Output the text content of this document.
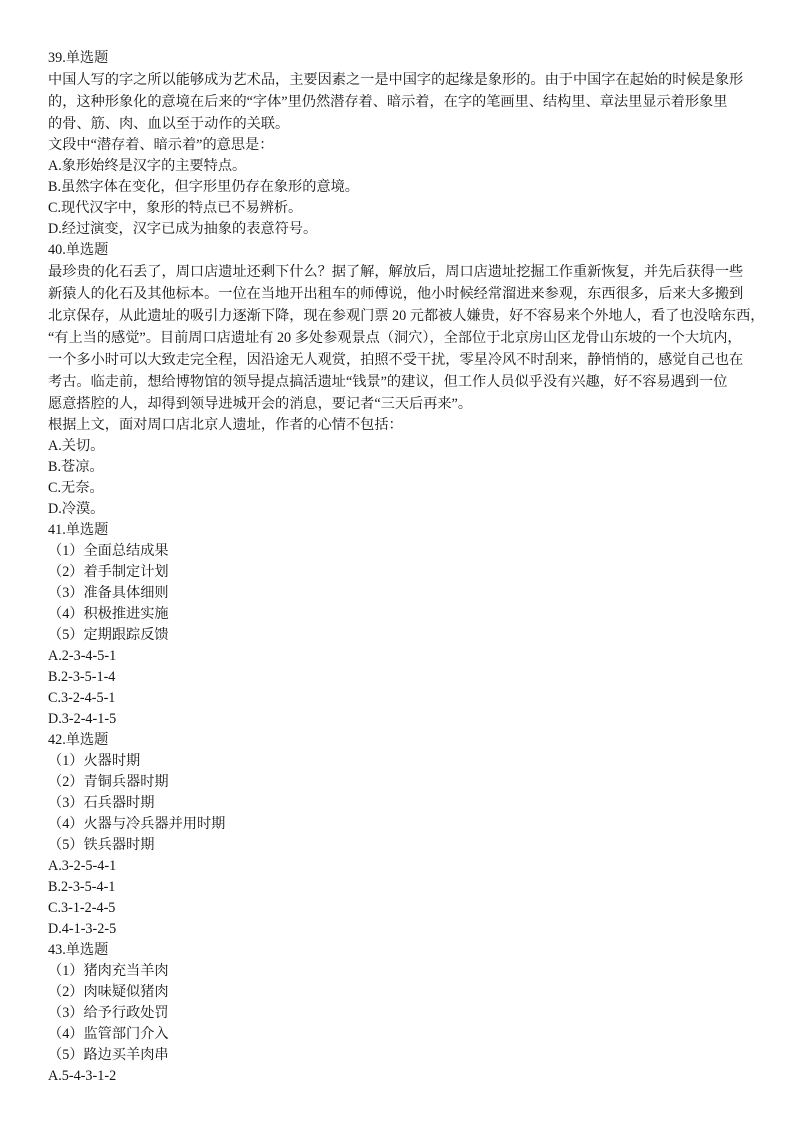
39.单选题
中国人写的字之所以能够成为艺术品，主要因素之一是中国字的起缘是象形的。由于中国字在起始的时候是象形
的，这种形象化的意境在后来的“字体”里仍然潜存着、暗示着，在字的笔画里、结构里、章法里显示着形象里
的骨、筋、肉、血以至于动作的关联。
文段中“潜存着、暗示着”的意思是：
A.象形始终是汉字的主要特点。
B.虽然字体在变化，但字形里仍存在象形的意境。
C.现代汉字中，象形的特点已不易辨析。
D.经过演变，汉字已成为抽象的表意符号。
40.单选题
最珍贵的化石丢了，周口店遗址还剩下什么？据了解，解放后，周口店遗址挖掘工作重新恢复，并先后获得一些
新猿人的化石及其他标本。一位在当地开出租车的师傅说，他小时候经常溜进来参观，东西很多，后来大多搬到
北京保存，从此遗址的吸引力逐渐下降，现在参观门票 20 元都被人嫌贵，好不容易来个外地人，看了也没啥东西，
“有上当的感觉”。目前周口店遗址有 20 多处参观景点（洞穴），全部位于北京房山区龙骨山东坡的一个大坑内，
一个多小时可以大致走完全程，因沿途无人观赏，拍照不受干扰，零星冷风不时刮来，静悄悄的，感觉自己也在
考古。临走前，想给博物馆的领导提点搞活遗址“钱景”的建议，但工作人员似乎没有兴趣，好不容易遇到一位
愿意搭腔的人，却得到领导进城开会的消息，要记者“三天后再来”。
根据上文，面对周口店北京人遗址，作者的心情不包括：
A.关切。
B.苍凉。
C.无奈。
D.冷漠。
41.单选题
（1）全面总结成果
（2）着手制定计划
（3）准备具体细则
（4）积极推进实施
（5）定期跟踪反馈
A.2-3-4-5-1
B.2-3-5-1-4
C.3-2-4-5-1
D.3-2-4-1-5
42.单选题
（1）火器时期
（2）青铜兵器时期
（3）石兵器时期
（4）火器与冷兵器并用时期
（5）铁兵器时期
A.3-2-5-4-1
B.2-3-5-4-1
C.3-1-2-4-5
D.4-1-3-2-5
43.单选题
（1）猪肉充当羊肉
（2）肉味疑似猪肉
（3）给予行政处罚
（4）监管部门介入
（5）路边买羊肉串
A.5-4-3-1-2
